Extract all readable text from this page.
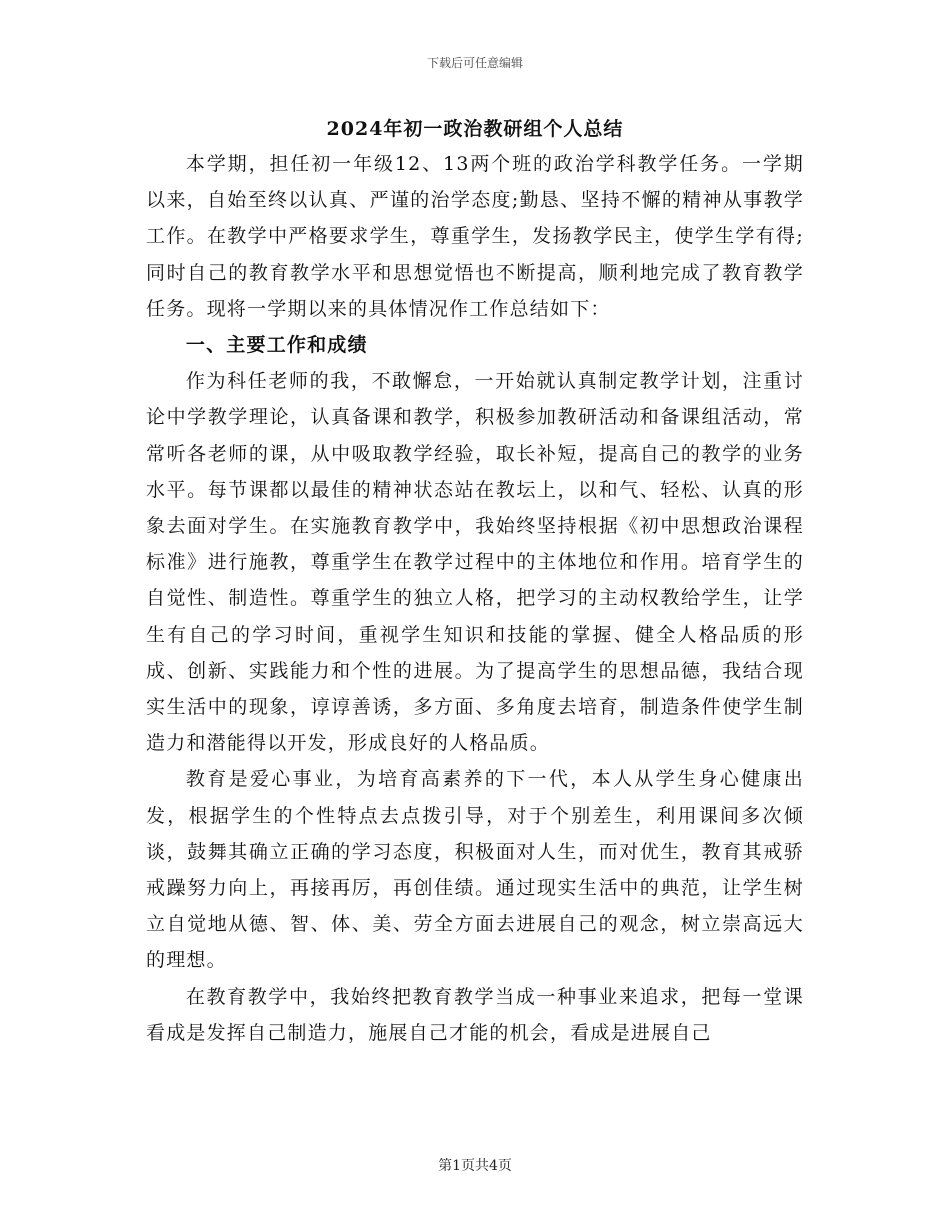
下载后可任意编辑
2024年初一政治教研组个人总结

本学期，担任初一年级12、13两个班的政治学科教学任务。一学期以来，自始至终以认真、严谨的治学态度;勤恳、坚持不懈的精神从事教学工作。在教学中严格要求学生，尊重学生，发扬教学民主，使学生学有得;同时自己的教育教学水平和思想觉悟也不断提高，顺利地完成了教育教学任务。现将一学期以来的具体情况作工作总结如下：

一、主要工作和成绩

作为科任老师的我，不敢懈怠，一开始就认真制定教学计划，注重讨论中学教学理论，认真备课和教学，积极参加教研活动和备课组活动，常常听各老师的课，从中吸取教学经验，取长补短，提高自己的教学的业务水平。每节课都以最佳的精神状态站在教坛上，以和气、轻松、认真的形象去面对学生。在实施教育教学中，我始终坚持根据《初中思想政治课程标准》进行施教，尊重学生在教学过程中的主体地位和作用。培育学生的自觉性、制造性。尊重学生的独立人格，把学习的主动权教给学生，让学生有自己的学习时间，重视学生知识和技能的掌握、健全人格品质的形成、创新、实践能力和个性的进展。为了提高学生的思想品德，我结合现实生活中的现象，谆谆善诱，多方面、多角度去培育，制造条件使学生制造力和潜能得以开发，形成良好的人格品质。

教育是爱心事业，为培育高素养的下一代，本人从学生身心健康出发，根据学生的个性特点去点拨引导，对于个别差生，利用课间多次倾谈，鼓舞其确立正确的学习态度，积极面对人生，而对优生，教育其戒骄戒躁努力向上，再接再厉，再创佳绩。通过现实生活中的典范，让学生树立自觉地从德、智、体、美、劳全方面去进展自己的观念，树立崇高远大的理想。

在教育教学中，我始终把教育教学当成一种事业来追求，把每一堂课看成是发挥自己制造力，施展自己才能的机会，看成是进展自己

第1页共4页
